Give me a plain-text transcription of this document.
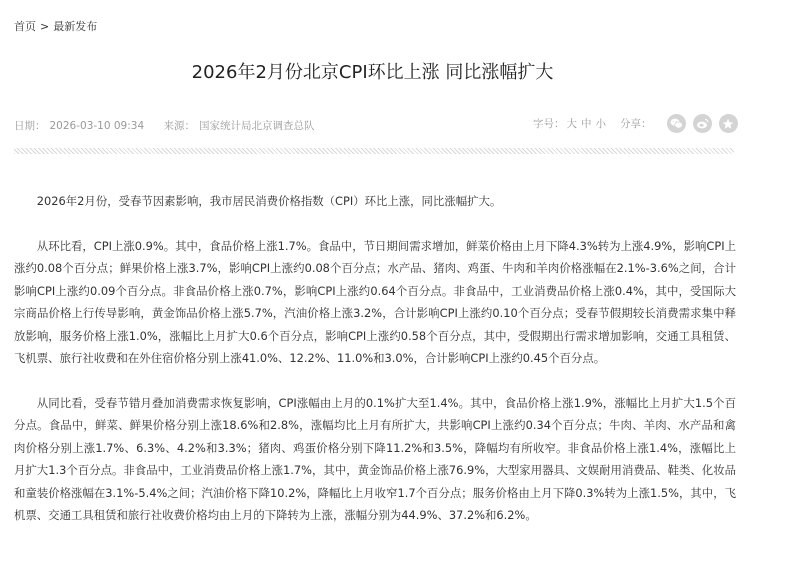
首页 > 最新发布
2026年2月份北京CPI环比上涨 同比涨幅扩大
日期： 2026-03-10 09:34 来源： 国家统计局北京调查总队	字号： 大 中 小 分享：

2026年2月份，受春节因素影响，我市居民消费价格指数（CPI）环比上涨，同比涨幅扩大。

从环比看，CPI上涨0.9%。其中，食品价格上涨1.7%。食品中，节日期间需求增加，鲜菜价格由上月下降4.3%转为上涨4.9%，影响CPI上涨约0.08个百分点；鲜果价格上涨3.7%，影响CPI上涨约0.08个百分点；水产品、猪肉、鸡蛋、牛肉和羊肉价格涨幅在2.1%-3.6%之间，合计影响CPI上涨约0.09个百分点。非食品价格上涨0.7%，影响CPI上涨约0.64个百分点。非食品中，工业消费品价格上涨0.4%，其中，受国际大宗商品价格上行传导影响，黄金饰品价格上涨5.7%，汽油价格上涨3.2%，合计影响CPI上涨约0.10个百分点；受春节假期较长消费需求集中释放影响，服务价格上涨1.0%，涨幅比上月扩大0.6个百分点，影响CPI上涨约0.58个百分点，其中，受假期出行需求增加影响，交通工具租赁、飞机票、旅行社收费和在外住宿价格分别上涨41.0%、12.2%、11.0%和3.0%，合计影响CPI上涨约0.45个百分点。

从同比看，受春节错月叠加消费需求恢复影响，CPI涨幅由上月的0.1%扩大至1.4%。其中，食品价格上涨1.9%，涨幅比上月扩大1.5个百分点。食品中，鲜菜、鲜果价格分别上涨18.6%和2.8%，涨幅均比上月有所扩大，共影响CPI上涨约0.34个百分点；牛肉、羊肉、水产品和禽肉价格分别上涨1.7%、6.3%、4.2%和3.3%；猪肉、鸡蛋价格分别下降11.2%和3.5%，降幅均有所收窄。非食品价格上涨1.4%，涨幅比上月扩大1.3个百分点。非食品中，工业消费品价格上涨1.7%，其中，黄金饰品价格上涨76.9%，大型家用器具、文娱耐用消费品、鞋类、化妆品和童装价格涨幅在3.1%-5.4%之间；汽油价格下降10.2%，降幅比上月收窄1.7个百分点；服务价格由上月下降0.3%转为上涨1.5%，其中，飞机票、交通工具租赁和旅行社收费价格均由上月的下降转为上涨，涨幅分别为44.9%、37.2%和6.2%。
